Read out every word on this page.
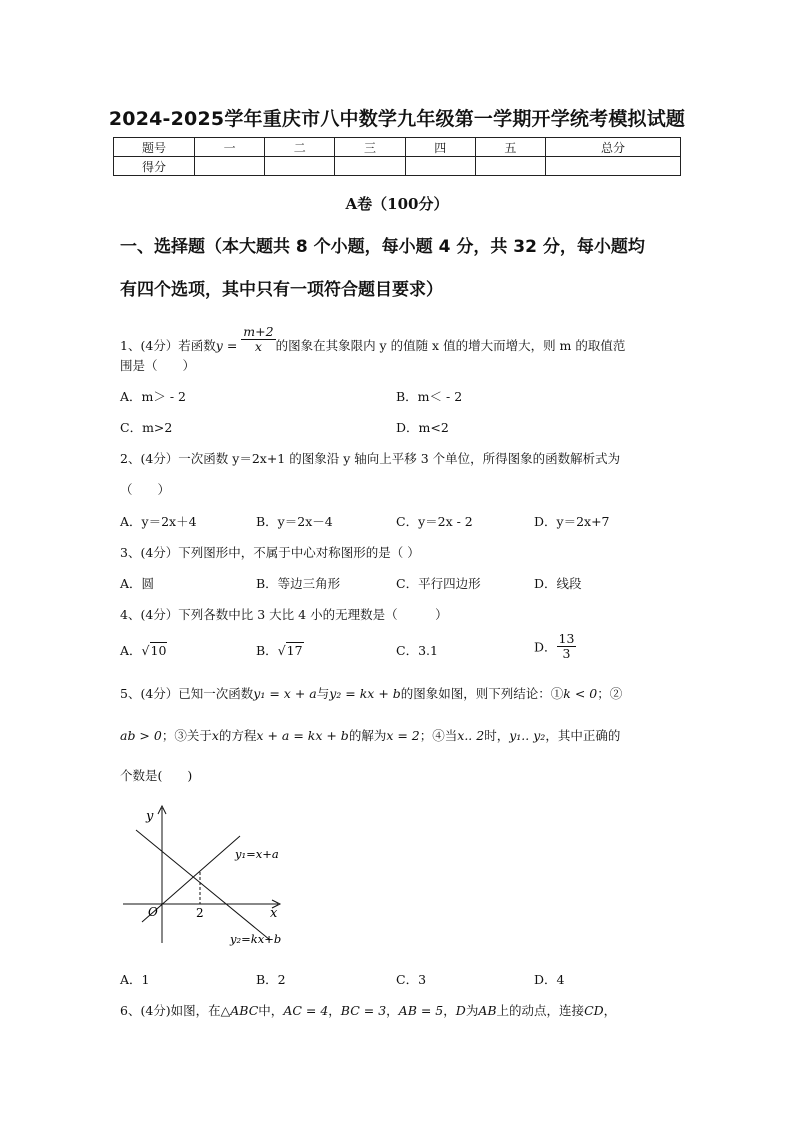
2024-2025学年重庆市八中数学九年级第一学期开学统考模拟试题
题号	一	二	三	四	五	总分
得分						
A卷（100分）
一、选择题（本大题共 8 个小题，每小题 4 分，共 32 分，每小题均
有四个选项，其中只有一项符合题目要求）
1、(4分）若函数$y = \frac{m+2}{x}$ 的图象在其象限内 y 的值随 x 值的增大而增大，则 m 的取值范
围是（　　）
A．m＞ - 2	B．m＜ - 2
C．m>2	D．m<2
2、(4分）一次函数 y＝2x+1 的图象沿 y 轴向上平移 3 个单位，所得图象的函数解析式为
（　　）
A．y＝2x＋4	B．y＝2x－4	C．y＝2x - 2	D．y＝2x+7
3、(4分）下列图形中，不属于中心对称图形的是（ ）
A．圆	B．等边三角形	C．平行四边形	D．线段
4、(4分）下列各数中比 3 大比 4 小的无理数是（　　　）
A．√10	B．√17	C．3.1	D． $\frac{13}{3}$
5、(4分）已知一次函数y₁ = x + a与y₂ = kx + b的图象如图，则下列结论：①k < 0；②
ab > 0；③关于x的方程x + a = kx + b的解为x = 2；④当x.. 2时，y₁.. y₂，其中正确的
个数是(　　)
y
x
O	2
y₁=x+a
y₂=kx+b
A．1	B．2	C．3	D．4
6、(4分)如图，在△ABC中，AC = 4，BC = 3，AB = 5，D为AB上的动点，连接CD，
